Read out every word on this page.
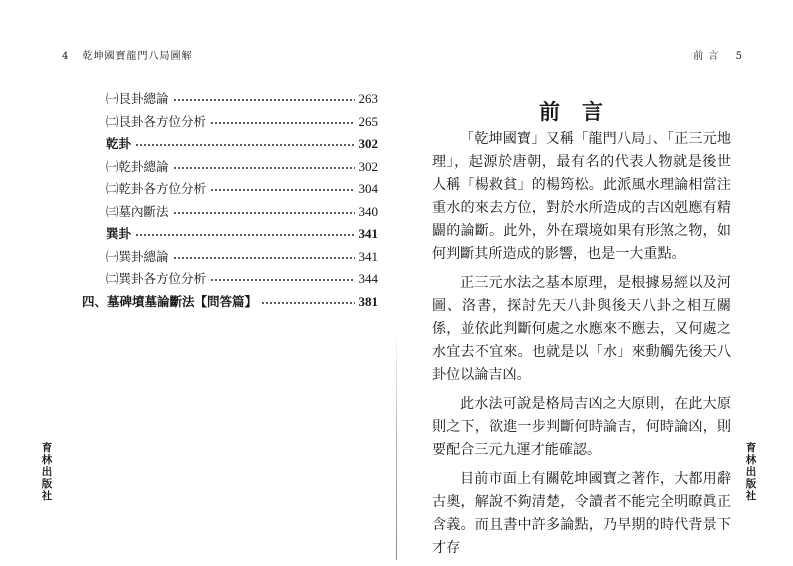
4 乾坤國寶龍門八局圖解
㈠艮卦總論	263
㈡艮卦各方位分析	265
乾卦	302
㈠乾卦總論	302
㈡乾卦各方位分析	304
㈢墓內斷法	340
巽卦	341
㈠巽卦總論	341
㈡巽卦各方位分析	344
四、墓碑墳墓論斷法【問答篇】	381
育林出版社
前 言 5
前言

「乾坤國寶」又稱「龍門八局」、「正三元地理」，起源於唐朝，最有名的代表人物就是後世人稱「楊救貧」的楊筠松。此派風水理論相當注重水的來去方位，對於水所造成的吉凶剋應有精闢的論斷。此外，外在環境如果有形煞之物，如何判斷其所造成的影響，也是一大重點。

正三元水法之基本原理，是根據易經以及河圖、洛書，探討先天八卦與後天八卦之相互關係，並依此判斷何處之水應來不應去，又何處之水宜去不宜來。也就是以「水」來動觸先後天八卦位以論吉凶。

此水法可說是格局吉凶之大原則，在此大原則之下，欲進一步判斷何時論吉，何時論凶，則要配合三元九運才能確認。

目前市面上有關乾坤國寶之著作，大都用辭古奧，解說不夠清楚，令讀者不能完全明瞭眞正含義。而且書中許多論點，乃早期的時代背景下才存

育林出版社
